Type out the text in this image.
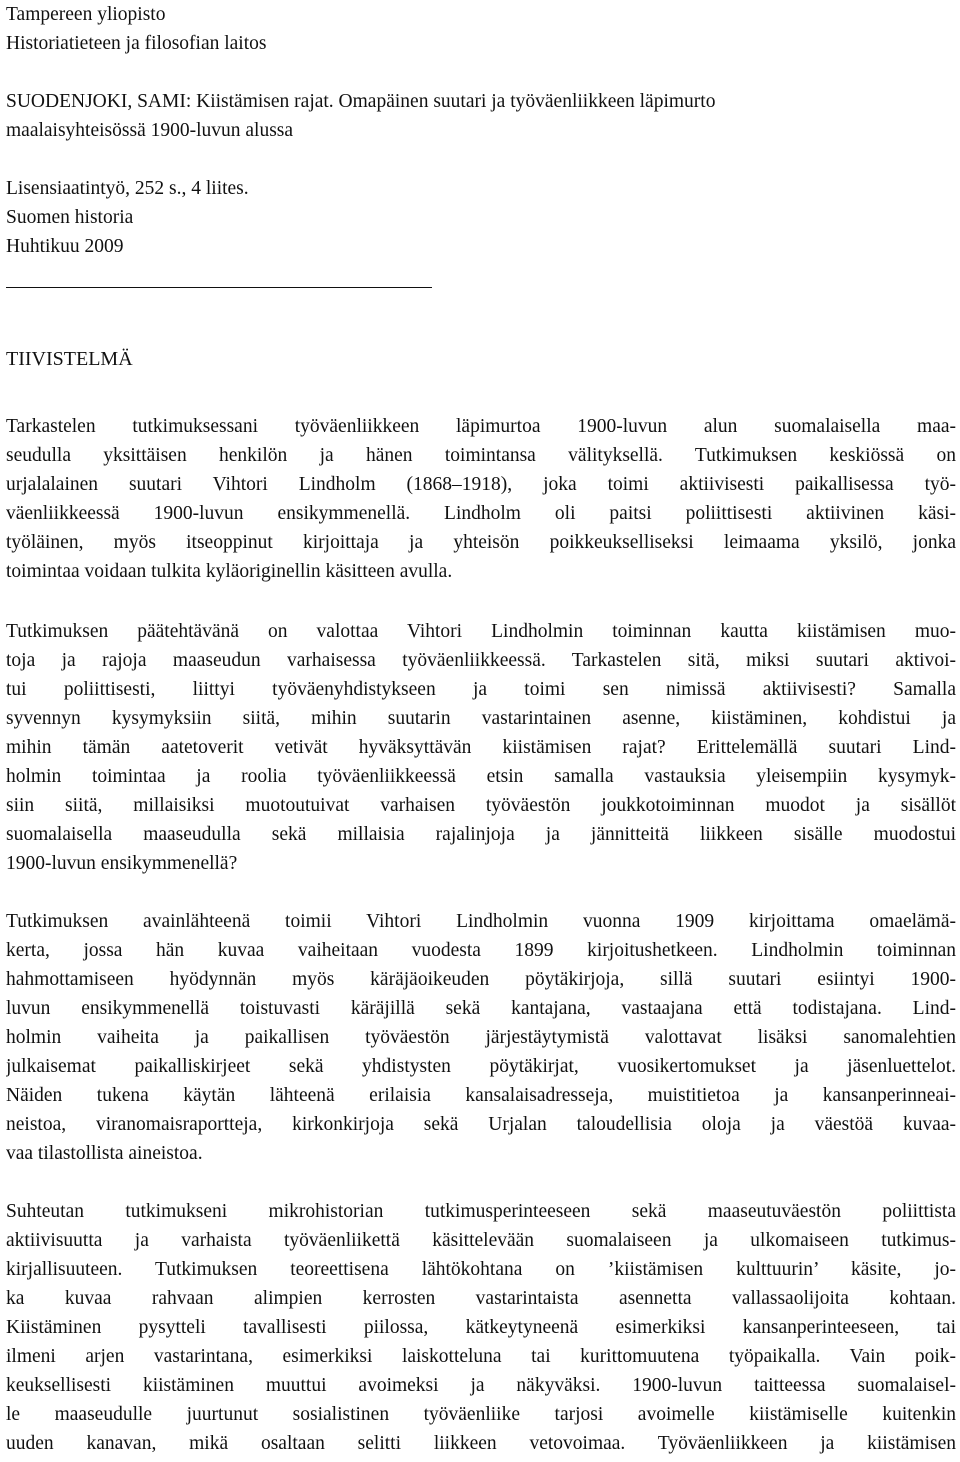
Tampereen yliopisto

Historiatieteen ja filosofian laitos

SUODENJOKI, SAMI: Kiistämisen rajat. Omapäinen suutari ja työväenliikkeen läpimurto

maalaisyhteisössä 1900-luvun alussa

Lisensiaatintyö, 252 s., 4 liites.

Suomen historia

Huhtikuu 2009

TIIVISTELMÄ
Tarkastelen tutkimuksessani työväenliikkeen läpimurtoa 1900-luvun alun suomalaisella maa-
seudulla yksittäisen henkilön ja hänen toimintansa välityksellä. Tutkimuksen keskiössä on
urjalalainen suutari Vihtori Lindholm (1868–1918), joka toimi aktiivisesti paikallisessa työ-
väenliikkeessä 1900-luvun ensikymmenellä. Lindholm oli paitsi poliittisesti aktiivinen käsi-
työläinen, myös itseoppinut kirjoittaja ja yhteisön poikkeukselliseksi leimaama yksilö, jonka
toimintaa voidaan tulkita kyläoriginellin käsitteen avulla.
Tutkimuksen päätehtävänä on valottaa Vihtori Lindholmin toiminnan kautta kiistämisen muo-
toja ja rajoja maaseudun varhaisessa työväenliikkeessä. Tarkastelen sitä, miksi suutari aktivoi-
tui poliittisesti, liittyi työväenyhdistykseen ja toimi sen nimissä aktiivisesti? Samalla
syvennyn kysymyksiin siitä, mihin suutarin vastarintainen asenne, kiistäminen, kohdistui ja
mihin tämän aatetoverit vetivät hyväksyttävän kiistämisen rajat? Erittelemällä suutari Lind-
holmin toimintaa ja roolia työväenliikkeessä etsin samalla vastauksia yleisempiin kysymyk-
siin siitä, millaisiksi muotoutuivat varhaisen työväestön joukkotoiminnan muodot ja sisällöt
suomalaisella maaseudulla sekä millaisia rajalinjoja ja jännitteitä liikkeen sisälle muodostui
1900-luvun ensikymmenellä?
Tutkimuksen avainlähteenä toimii Vihtori Lindholmin vuonna 1909 kirjoittama omaelämä-
kerta, jossa hän kuvaa vaiheitaan vuodesta 1899 kirjoitushetkeen. Lindholmin toiminnan
hahmottamiseen hyödynnän myös käräjäoikeuden pöytäkirjoja, sillä suutari esiintyi 1900-
luvun ensikymmenellä toistuvasti käräjillä sekä kantajana, vastaajana että todistajana. Lind-
holmin vaiheita ja paikallisen työväestön järjestäytymistä valottavat lisäksi sanomalehtien
julkaisemat paikalliskirjeet sekä yhdistysten pöytäkirjat, vuosikertomukset ja jäsenluettelot.
Näiden tukena käytän lähteenä erilaisia kansalaisadresseja, muistitietoa ja kansanperinneai-
neistoa, viranomaisraportteja, kirkonkirjoja sekä Urjalan taloudellisia oloja ja väestöä kuvaa-
vaa tilastollista aineistoa.
Suhteutan tutkimukseni mikrohistorian tutkimusperinteeseen sekä maaseutuväestön poliittista
aktiivisuutta ja varhaista työväenliikettä käsittelevään suomalaiseen ja ulkomaiseen tutkimus-
kirjallisuuteen. Tutkimuksen teoreettisena lähtökohtana on ’kiistämisen kulttuurin’ käsite, jo-
ka kuvaa rahvaan alimpien kerrosten vastarintaista asennetta vallassaolijoita kohtaan.
Kiistäminen pysytteli tavallisesti piilossa, kätkeytyneenä esimerkiksi kansanperinteeseen, tai
ilmeni arjen vastarintana, esimerkiksi laiskotteluna tai kurittomuutena työpaikalla. Vain poik-
keuksellisesti kiistäminen muuttui avoimeksi ja näkyväksi. 1900-luvun taitteessa suomalaisel-
le maaseudulle juurtunut sosialistinen työväenliike tarjosi avoimelle kiistämiselle kuitenkin
uuden kanavan, mikä osaltaan selitti liikkeen vetovoimaa. Työväenliikkeen ja kiistämisen
